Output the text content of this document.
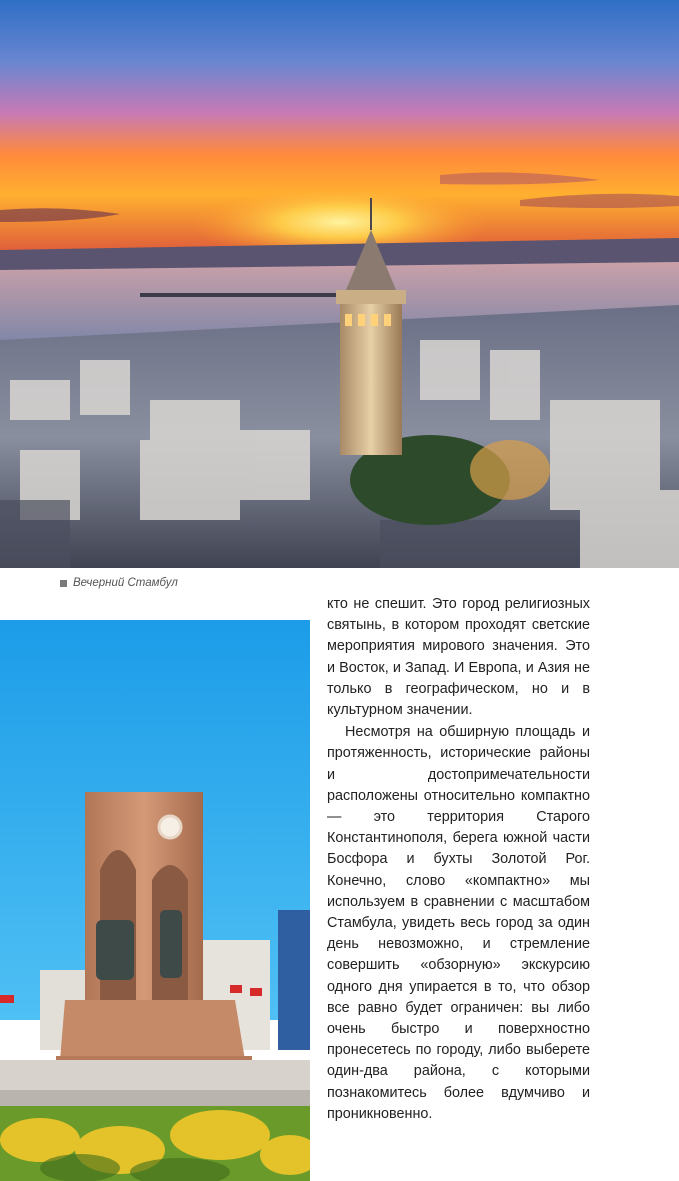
Вечерний Стамбул

кто не спешит. Это город религиозных святынь, в котором проходят светские мероприятия мирового значения. Это и Восток, и Запад. И Европа, и Азия не только в географическом, но и в культурном значении.

Несмотря на обширную площадь и протяженность, исторические районы и достопримечательности расположены относительно компактно — это территория Старого Константинополя, берега южной части Босфора и бухты Золотой Рог. Конечно, слово «компактно» мы используем в сравнении с масштабом Стамбула, увидеть весь город за один день невозможно, и стремление совершить «обзорную» экскурсию одного дня упирается в то, что обзор все равно будет ограничен: вы либо очень быстро и поверхностно пронесетесь по городу, либо выберете один-два района, с которыми познакомитесь более вдумчиво и проникновенно.
